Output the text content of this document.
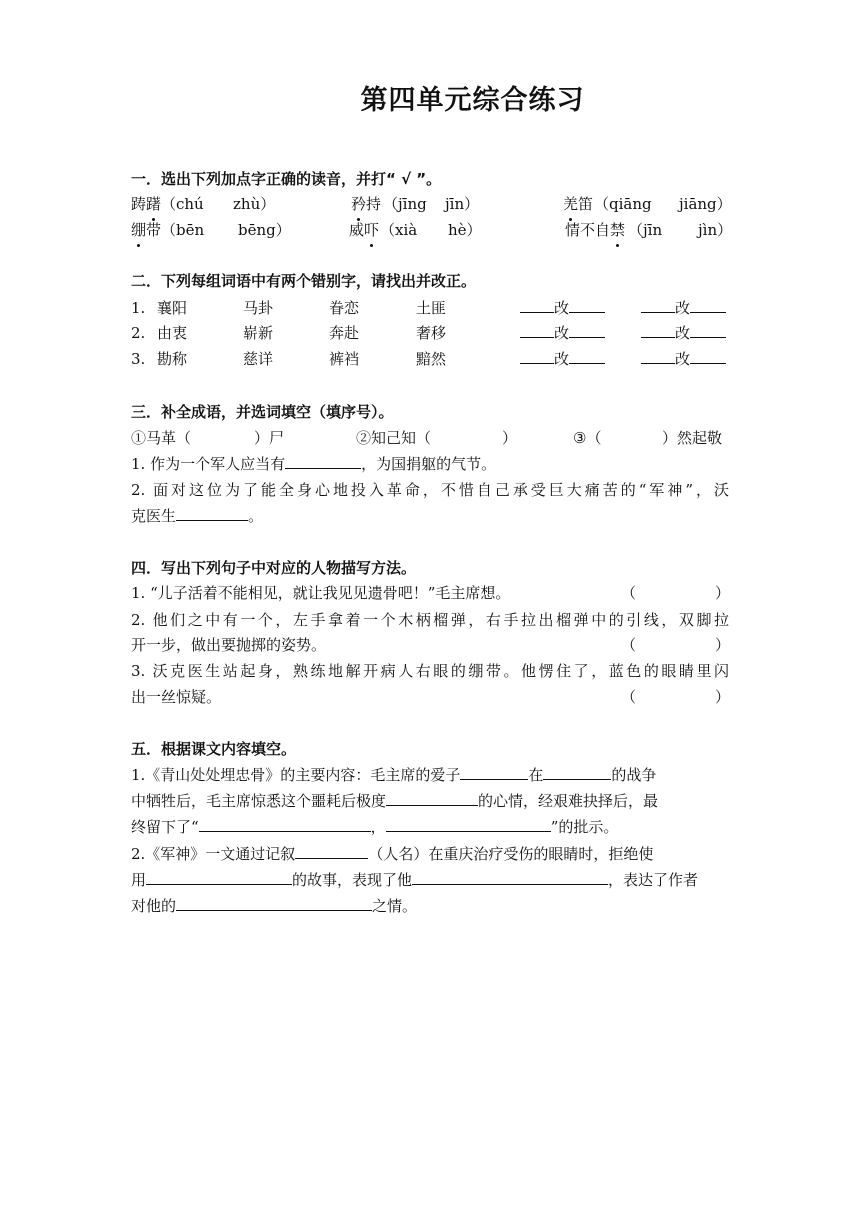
第四单元综合练习
一．选出下列加点字正确的读音，并打“ √ ”。
踌躇 （chú zhù）	矜持 （jīng jīn）	羌笛 （qiāng jiāng）
绷带 （bēn bēng）	威吓 （xià hè）	情不自禁 （jīn jìn）
二．下列每组词语中有两个错别字，请找出并改正。
1. 襄阳	马卦	眷恋	土匪	改	改
2. 由衷	崭新	奔赴	奢移	改	改
3. 勘称	慈详	裤裆	黯然	改	改
三．补全成语，并选词填空（填序号）。
①马革（	）尸	②知己知（	）	③（	）然起敬
1. 作为一个军人应当有	，为国捐躯的气节。
2. 面对这位为了能全身心地投入革命，不惜自己承受巨大痛苦的“军神”，沃
克医生	。
四．写出下列句子中对应的人物描写方法。
1. “儿子活着不能相见，就让我见见遗骨吧！”毛主席想。	（	）
2. 他们之中有一个，左手拿着一个木柄榴弹，右手拉出榴弹中的引线，双脚拉
开一步，做出要抛掷的姿势。	（	）
3. 沃克医生站起身，熟练地解开病人右眼的绷带。他愣住了，蓝色的眼睛里闪
出一丝惊疑。	（	）
五．根据课文内容填空。
1.《青山处处埋忠骨》的主要内容：毛主席的爱子	在	的战争
中牺牲后，毛主席惊悉这个噩耗后极度	的心情，经艰难抉择后，最
终留下了“	，	”的批示。
2.《军神》一文通过记叙	（人名）在重庆治疗受伤的眼睛时，拒绝使
用	的故事，表现了他	，表达了作者
对他的	之情。
